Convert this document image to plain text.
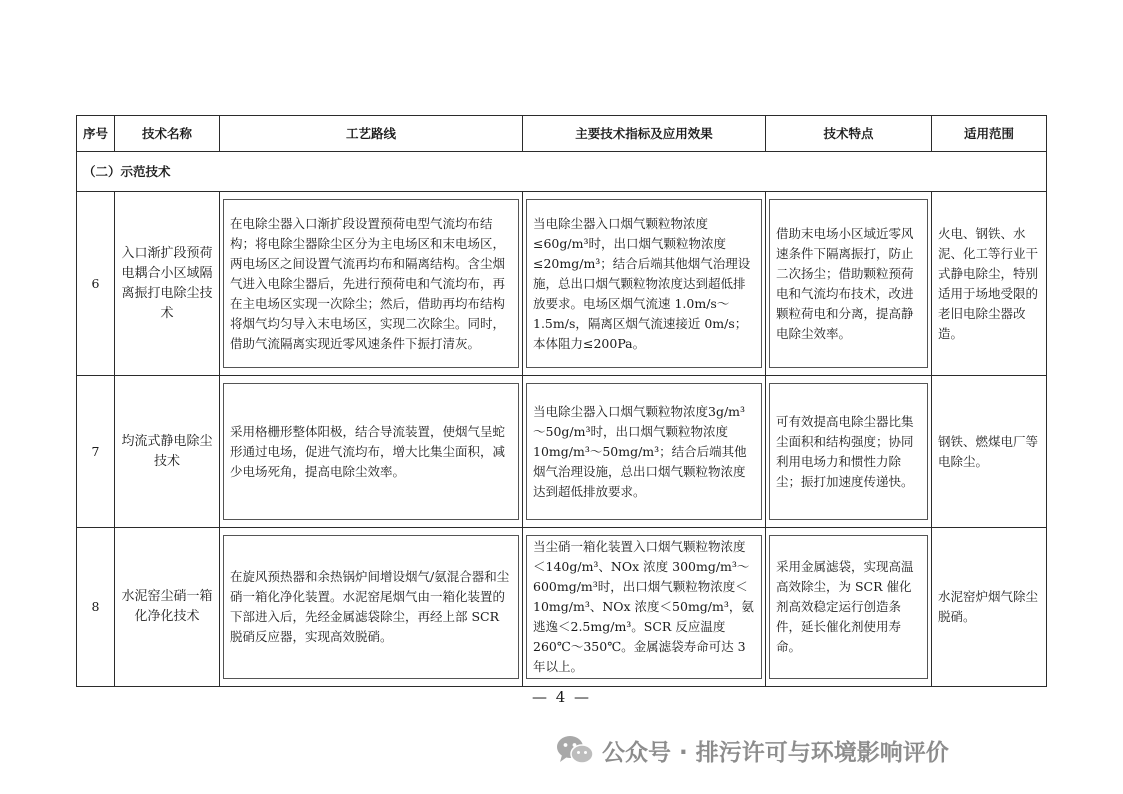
序号	技术名称	工艺路线	主要技术指标及应用效果	技术特点	适用范围
（二）示范技术					
6	入口渐扩段预荷电耦合小区域隔离振打电除尘技术	在电除尘器入口渐扩段设置预荷电型气流均布结构；将电除尘器除尘区分为主电场区和末电场区，两电场区之间设置气流再均布和隔离结构。含尘烟气进入电除尘器后，先进行预荷电和气流均布，再在主电场区实现一次除尘；然后，借助再均布结构将烟气均匀导入末电场区，实现二次除尘。同时，借助气流隔离实现近零风速条件下振打清灰。	当电除尘器入口烟气颗粒物浓度≤60g/m³时，出口烟气颗粒物浓度≤20mg/m³；结合后端其他烟气治理设施，总出口烟气颗粒物浓度达到超低排放要求。电场区烟气流速 1.0m/s～1.5m/s，隔离区烟气流速接近 0m/s；本体阻力≤200Pa。	借助末电场小区域近零风速条件下隔离振打，防止二次扬尘；借助颗粒预荷电和气流均布技术，改进颗粒荷电和分离，提高静电除尘效率。	火电、钢铁、水泥、化工等行业干式静电除尘，特别适用于场地受限的老旧电除尘器改造。
7	均流式静电除尘技术	采用格栅形整体阳极，结合导流装置，使烟气呈蛇形通过电场，促进气流均布，增大比集尘面积，减少电场死角，提高电除尘效率。	当电除尘器入口烟气颗粒物浓度3g/m³～50g/m³时，出口烟气颗粒物浓度 10mg/m³～50mg/m³；结合后端其他烟气治理设施，总出口烟气颗粒物浓度达到超低排放要求。	可有效提高电除尘器比集尘面积和结构强度；协同利用电场力和惯性力除尘；振打加速度传递快。	钢铁、燃煤电厂等电除尘。
8	水泥窑尘硝一箱化净化技术	在旋风预热器和余热锅炉间增设烟气/氨混合器和尘硝一箱化净化装置。水泥窑尾烟气由一箱化装置的下部进入后，先经金属滤袋除尘，再经上部 SCR 脱硝反应器，实现高效脱硝。	当尘硝一箱化装置入口烟气颗粒物浓度＜140g/m³、NOx 浓度 300mg/m³～600mg/m³时，出口烟气颗粒物浓度＜10mg/m³、NOx 浓度＜50mg/m³，氨逃逸＜2.5mg/m³。SCR 反应温度 260℃～350℃。金属滤袋寿命可达 3 年以上。	采用金属滤袋，实现高温高效除尘，为 SCR 催化剂高效稳定运行创造条件，延长催化剂使用寿命。	水泥窑炉烟气除尘脱硝。
— 4 —
公众号 · 排污许可与环境影响评价
